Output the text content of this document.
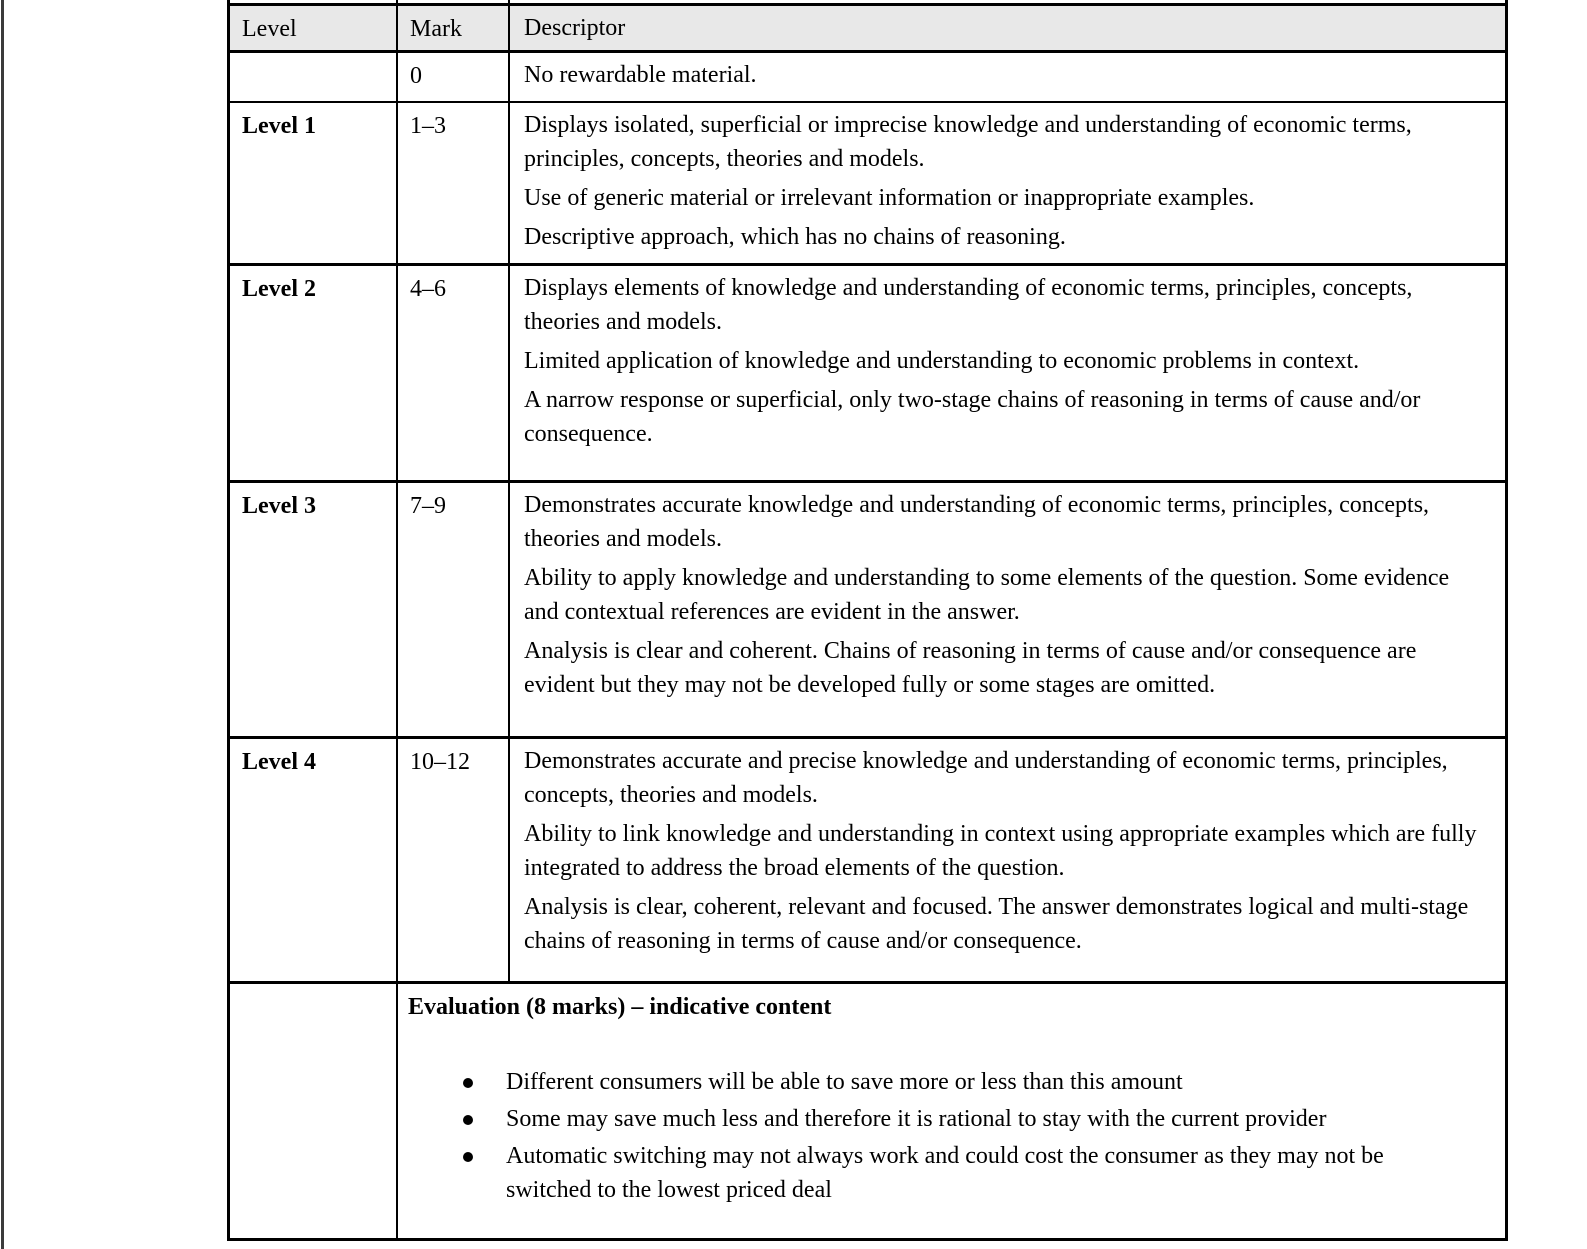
Level	Mark	Descriptor
0	No rewardable material.

Level 1	1–3	Displays isolated, superficial or imprecise knowledge and understanding of economic terms, principles, concepts, theories and models.

Use of generic material or irrelevant information or inappropriate examples.

Descriptive approach, which has no chains of reasoning.

Level 2	4–6	Displays elements of knowledge and understanding of economic terms, principles, concepts, theories and models.

Limited application of knowledge and understanding to economic problems in context.

A narrow response or superficial, only two-stage chains of reasoning in terms of cause and/or consequence.

Level 3	7–9	Demonstrates accurate knowledge and understanding of economic terms, principles, concepts, theories and models.

Ability to apply knowledge and understanding to some elements of the question. Some evidence and contextual references are evident in the answer.

Analysis is clear and coherent. Chains of reasoning in terms of cause and/or consequence are evident but they may not be developed fully or some stages are omitted.

Level 4	10–12	Demonstrates accurate and precise knowledge and understanding of economic terms, principles, concepts, theories and models.

Ability to link knowledge and understanding in context using appropriate examples which are fully integrated to address the broad elements of the question.

Analysis is clear, coherent, relevant and focused. The answer demonstrates logical and multi-stage chains of reasoning in terms of cause and/or consequence.

Evaluation (8 marks) – indicative content

Different consumers will be able to save more or less than this amount
Some may save much less and therefore it is rational to stay with the current provider
Automatic switching may not always work and could cost the consumer as they may not be switched to the lowest priced deal
